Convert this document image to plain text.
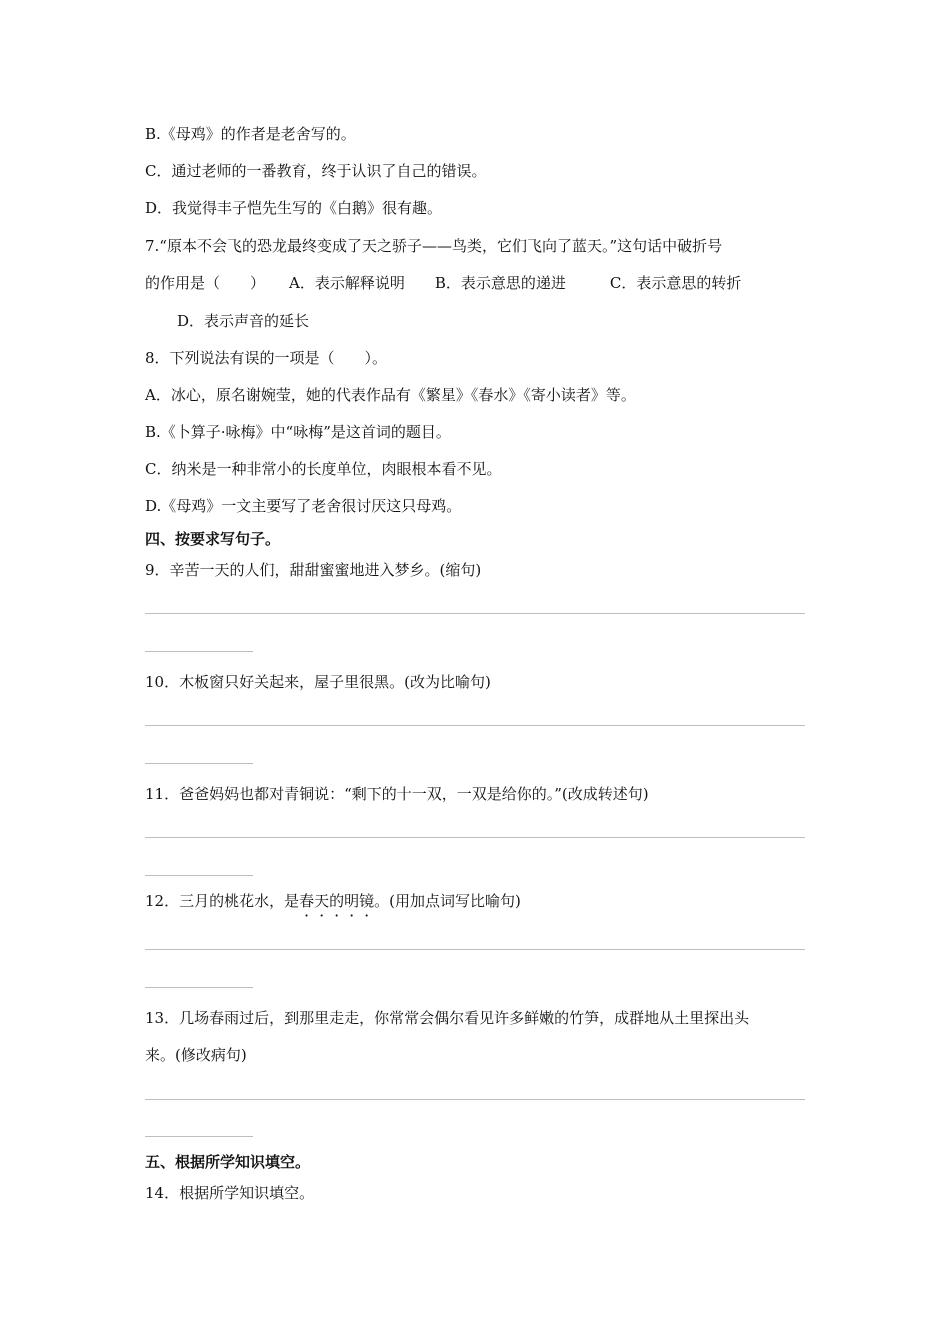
B.《母鸡》的作者是老舍写的。
C．通过老师的一番教育，终于认识了自己的错误。
D．我觉得丰子恺先生写的《白鹅》很有趣。
7.“原本不会飞的恐龙最终变成了天之骄子——鸟类，它们飞向了蓝天。”这句话中破折号
的作用是（　　） A．表示解释说明 B．表示意思的递进	C．表示意思的转折
D．表示声音的延长
8．下列说法有误的一项是（　　）。
A．冰心，原名谢婉莹，她的代表作品有《繁星》《春水》《寄小读者》等。
B.《卜算子·咏梅》中“咏梅”是这首词的题目。
C．纳米是一种非常小的长度单位，肉眼根本看不见。
D.《母鸡》一文主要写了老舍很讨厌这只母鸡。
四、按要求写句子。
9．辛苦一天的人们，甜甜蜜蜜地进入梦乡。(缩句)
10．木板窗只好关起来，屋子里很黑。(改为比喻句)
11．爸爸妈妈也都对青铜说：“剩下的十一双，一双是给你的。”(改成转述句)
12．三月的桃花水，是春天的明镜。(用加点词写比喻句)
13．几场春雨过后，到那里走走，你常常会偶尔看见许多鲜嫩的竹笋，成群地从土里探出头
来。(修改病句)
五、根据所学知识填空。
14．根据所学知识填空。
